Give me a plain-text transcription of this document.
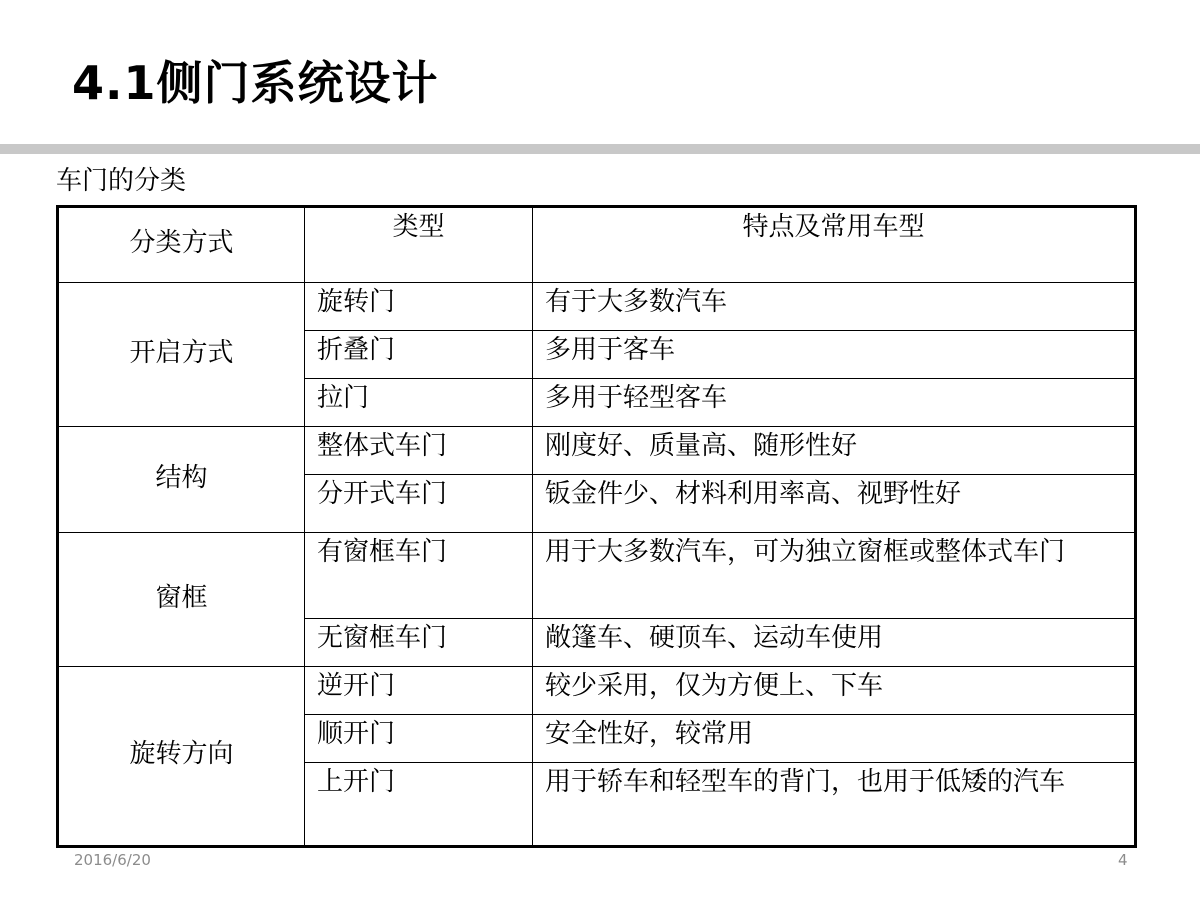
4.1侧门系统设计
车门的分类
分类方式	类型	特点及常用车型
开启方式	旋转门	有于大多数汽车
	折叠门	多用于客车
	拉门	多用于轻型客车
结构	整体式车门	刚度好、质量高、随形性好
	分开式车门	钣金件少、材料利用率高、视野性好
窗框	有窗框车门	用于大多数汽车，可为独立窗框或整体式车门
	无窗框车门	敞篷车、硬顶车、运动车使用
旋转方向	逆开门	较少采用，仅为方便上、下车
	顺开门	安全性好，较常用
	上开门	用于轿车和轻型车的背门，也用于低矮的汽车
2016/6/20	4
